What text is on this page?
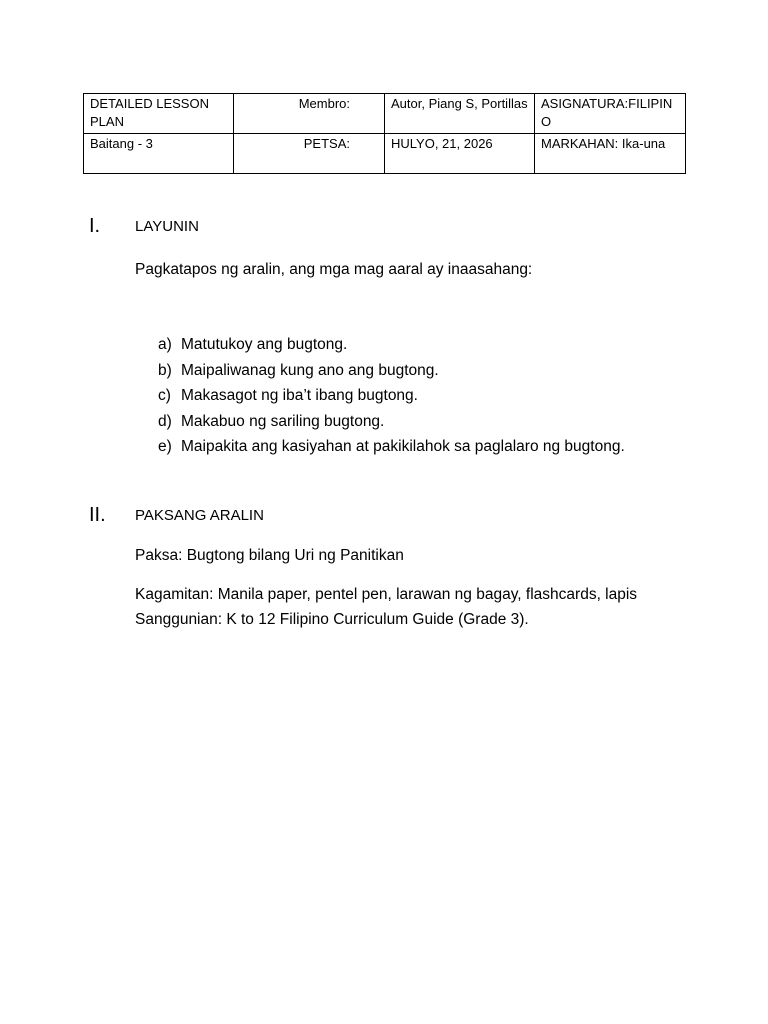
DETAILED LESSON PLAN	Membro:	Autor, Piang S, Portillas	ASIGNATURA:FILIPINO
Baitang - 3	PETSA:	HULYO, 21, 2026	MARKAHAN: Ika-una
I. LAYUNIN
Pagkatapos ng aralin, ang mga mag aaral ay inaasahang:
a) Matutukoy ang bugtong.
b) Maipaliwanag kung ano ang bugtong.
c) Makasagot ng iba’t ibang bugtong.
d) Makabuo ng sariling bugtong.
e) Maipakita ang kasiyahan at pakikilahok sa paglalaro ng bugtong.
II. PAKSANG ARALIN
Paksa: Bugtong bilang Uri ng Panitikan
Kagamitan: Manila paper, pentel pen, larawan ng bagay, flashcards, lapis
Sanggunian: K to 12 Filipino Curriculum Guide (Grade 3).
